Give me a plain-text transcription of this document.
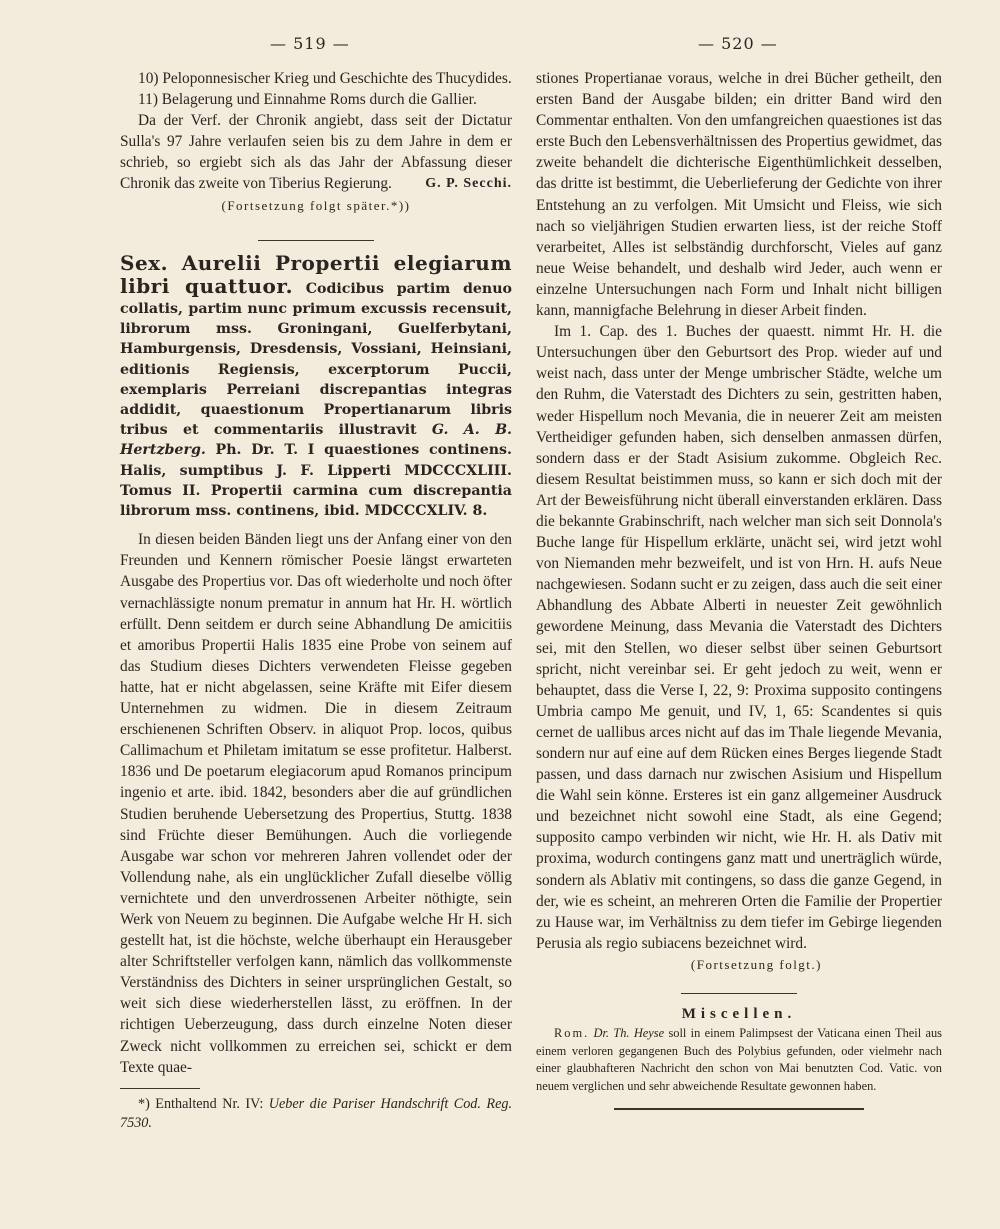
— 519 —	— 520 —

10) Peloponnesischer Krieg und Geschichte des Thucydides.

11) Belagerung und Einnahme Roms durch die Gallier.

Da der Verf. der Chronik angiebt, dass seit der Dictatur Sulla's 97 Jahre verlaufen seien bis zu dem Jahre in dem er schrieb, so ergiebt sich als das Jahr der Abfassung dieser Chronik das zweite von Tiberius Regierung.	G. P. Secchi.

(Fortsetzung folgt später.*))

Sex. Aurelii Propertii elegiarum libri quattuor. Codicibus partim denuo collatis, partim nunc primum excussis recensuit, librorum mss. Groningani, Guelferbytani, Hamburgensis, Dresdensis, Vossiani, Heinsiani, editionis Regiensis, excerptorum Puccii, exemplaris Perreiani discrepantias integras addidit, quaestionum Propertianarum libris tribus et commentariis illustravit G. A. B. Hertzberg. Ph. Dr. T. I quaestiones continens. Halis, sumptibus J. F. Lipperti MDCCCXLIII. Tomus II. Propertii carmina cum discrepantia librorum mss. continens, ibid. MDCCCXLIV. 8.

In diesen beiden Bänden liegt uns der Anfang einer von den Freunden und Kennern römischer Poesie längst erwarteten Ausgabe des Propertius vor. Das oft wiederholte und noch öfter vernachlässigte nonum prematur in annum hat Hr. H. wörtlich erfüllt. Denn seitdem er durch seine Abhandlung De amicitiis et amoribus Propertii Halis 1835 eine Probe von seinem auf das Studium dieses Dichters verwendeten Fleisse gegeben hatte, hat er nicht abgelassen, seine Kräfte mit Eifer diesem Unternehmen zu widmen. Die in diesem Zeitraum erschienenen Schriften Observ. in aliquot Prop. locos, quibus Callimachum et Philetam imitatum se esse profitetur. Halberst. 1836 und De poetarum elegiacorum apud Romanos principum ingenio et arte. ibid. 1842, besonders aber die auf gründlichen Studien beruhende Uebersetzung des Propertius, Stuttg. 1838 sind Früchte dieser Bemühungen. Auch die vorliegende Ausgabe war schon vor mehreren Jahren vollendet oder der Vollendung nahe, als ein unglücklicher Zufall dieselbe völlig vernichtete und den unverdrossenen Arbeiter nöthigte, sein Werk von Neuem zu beginnen. Die Aufgabe welche Hr H. sich gestellt hat, ist die höchste, welche überhaupt ein Herausgeber alter Schriftsteller verfolgen kann, nämlich das vollkommenste Verständniss des Dichters in seiner ursprünglichen Gestalt, so weit sich diese wiederherstellen lässt, zu eröffnen. In der richtigen Ueberzeugung, dass durch einzelne Noten dieser Zweck nicht vollkommen zu erreichen sei, schickt er dem Texte quae-

*) Enthaltend Nr. IV: Ueber die Pariser Handschrift Cod. Reg. 7530.

stiones Propertianae voraus, welche in drei Bücher getheilt, den ersten Band der Ausgabe bilden; ein dritter Band wird den Commentar enthalten. Von den umfangreichen quaestiones ist das erste Buch den Lebensverhältnissen des Propertius gewidmet, das zweite behandelt die dichterische Eigenthümlichkeit desselben, das dritte ist bestimmt, die Ueberlieferung der Gedichte von ihrer Entstehung an zu verfolgen. Mit Umsicht und Fleiss, wie sich nach so vieljährigen Studien erwarten liess, ist der reiche Stoff verarbeitet, Alles ist selbständig durchforscht, Vieles auf ganz neue Weise behandelt, und deshalb wird Jeder, auch wenn er einzelne Untersuchungen nach Form und Inhalt nicht billigen kann, mannigfache Belehrung in dieser Arbeit finden.

Im 1. Cap. des 1. Buches der quaestt. nimmt Hr. H. die Untersuchungen über den Geburtsort des Prop. wieder auf und weist nach, dass unter der Menge umbrischer Städte, welche um den Ruhm, die Vaterstadt des Dichters zu sein, gestritten haben, weder Hispellum noch Mevania, die in neuerer Zeit am meisten Vertheidiger gefunden haben, sich denselben anmassen dürfen, sondern dass er der Stadt Asisium zukomme. Obgleich Rec. diesem Resultat beistimmen muss, so kann er sich doch mit der Art der Beweisführung nicht überall einverstanden erklären. Dass die bekannte Grabinschrift, nach welcher man sich seit Donnola's Buche lange für Hispellum erklärte, unächt sei, wird jetzt wohl von Niemanden mehr bezweifelt, und ist von Hrn. H. aufs Neue nachgewiesen. Sodann sucht er zu zeigen, dass auch die seit einer Abhandlung des Abbate Alberti in neuester Zeit gewöhnlich gewordene Meinung, dass Mevania die Vaterstadt des Dichters sei, mit den Stellen, wo dieser selbst über seinen Geburtsort spricht, nicht vereinbar sei. Er geht jedoch zu weit, wenn er behauptet, dass die Verse I, 22, 9: Proxima supposito contingens Umbria campo Me genuit, und IV, 1, 65: Scandentes si quis cernet de uallibus arces nicht auf das im Thale liegende Mevania, sondern nur auf eine auf dem Rücken eines Berges liegende Stadt passen, und dass darnach nur zwischen Asisium und Hispellum die Wahl sein könne. Ersteres ist ein ganz allgemeiner Ausdruck und bezeichnet nicht sowohl eine Stadt, als eine Gegend; supposito campo verbinden wir nicht, wie Hr. H. als Dativ mit proxima, wodurch contingens ganz matt und unerträglich würde, sondern als Ablativ mit contingens, so dass die ganze Gegend, in der, wie es scheint, an mehreren Orten die Familie der Propertier zu Hause war, im Verhältniss zu dem tiefer im Gebirge liegenden Perusia als regio subiacens bezeichnet wird.

(Fortsetzung folgt.)

Miscellen.

Rom. Dr. Th. Heyse soll in einem Palimpsest der Vaticana einen Theil aus einem verloren gegangenen Buch des Polybius gefunden, oder vielmehr nach einer glaubhafteren Nachricht den schon von Mai benutzten Cod. Vatic. von neuem verglichen und sehr abweichende Resultate gewonnen haben.
